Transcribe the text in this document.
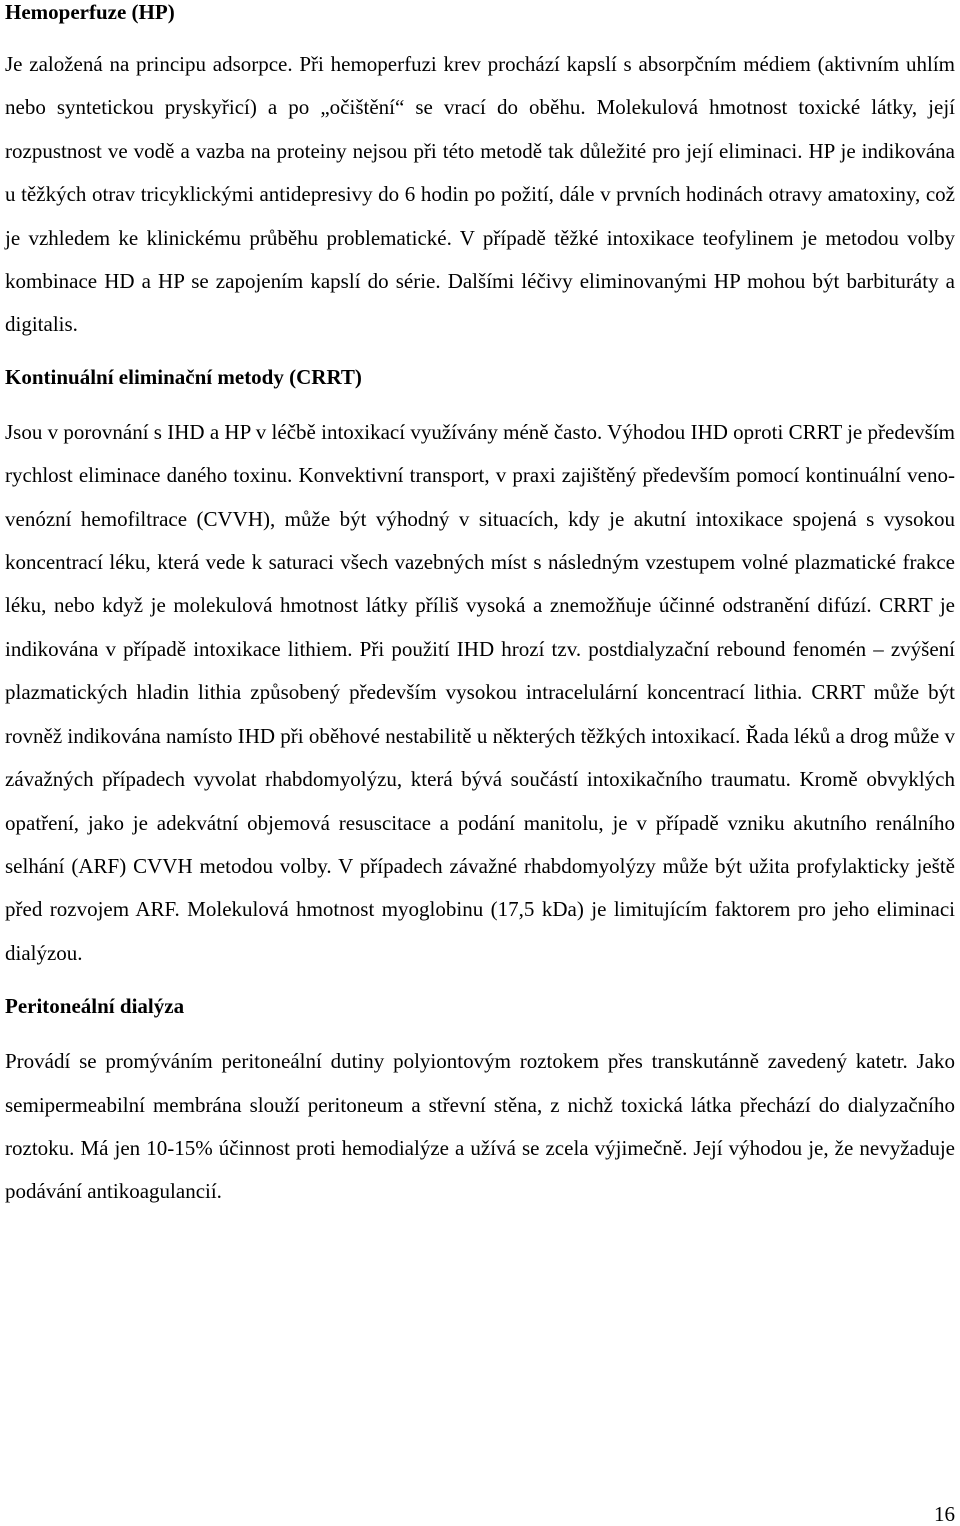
Hemoperfuze (HP)

Je založená na principu adsorpce. Při hemoperfuzi krev prochází kapslí s absorpčním médiem (aktivním uhlím nebo syntetickou pryskyřicí) a po „očištění“ se vrací do oběhu. Molekulová hmotnost toxické látky, její rozpustnost ve vodě a vazba na proteiny nejsou při této metodě tak důležité pro její eliminaci. HP je indikována u těžkých otrav tricyklickými antidepresivy do 6 hodin po požití, dále v prvních hodinách otravy amatoxiny, což je vzhledem ke klinickému průběhu problematické. V případě těžké intoxikace teofylinem je metodou volby kombinace HD a HP se zapojením kapslí do série. Dalšími léčivy eliminovanými HP mohou být barbituráty a digitalis.

Kontinuální eliminační metody (CRRT)

Jsou v porovnání s IHD a HP v léčbě intoxikací využívány méně často. Výhodou IHD oproti CRRT je především rychlost eliminace daného toxinu. Konvektivní transport, v praxi zajištěný především pomocí kontinuální veno-venózní hemofiltrace (CVVH), může být výhodný v situacích, kdy je akutní intoxikace spojená s vysokou koncentrací léku, která vede k saturaci všech vazebných míst s následným vzestupem volné plazmatické frakce léku, nebo když je molekulová hmotnost látky příliš vysoká a znemožňuje účinné odstranění difúzí. CRRT je indikována v případě intoxikace lithiem. Při použití IHD hrozí tzv. postdialyzační rebound fenomén – zvýšení plazmatických hladin lithia způsobený především vysokou intracelulární koncentrací lithia. CRRT může být rovněž indikována namísto IHD při oběhové nestabilitě u některých těžkých intoxikací. Řada léků a drog může v závažných případech vyvolat rhabdomyolýzu, která bývá součástí intoxikačního traumatu. Kromě obvyklých opatření, jako je adekvátní objemová resuscitace a podání manitolu, je v případě vzniku akutního renálního selhání (ARF) CVVH metodou volby. V případech závažné rhabdomyolýzy může být užita profylakticky ještě před rozvojem ARF. Molekulová hmotnost myoglobinu (17,5 kDa) je limitujícím faktorem pro jeho eliminaci dialýzou.

Peritoneální dialýza

Provádí se promýváním peritoneální dutiny polyiontovým roztokem přes transkutánně zavedený katetr. Jako semipermeabilní membrána slouží peritoneum a střevní stěna, z nichž toxická látka přechází do dialyzačního roztoku. Má jen 10-15% účinnost proti hemodialýze a užívá se zcela výjimečně. Její výhodou je, že nevyžaduje podávání antikoagulancií.

16
